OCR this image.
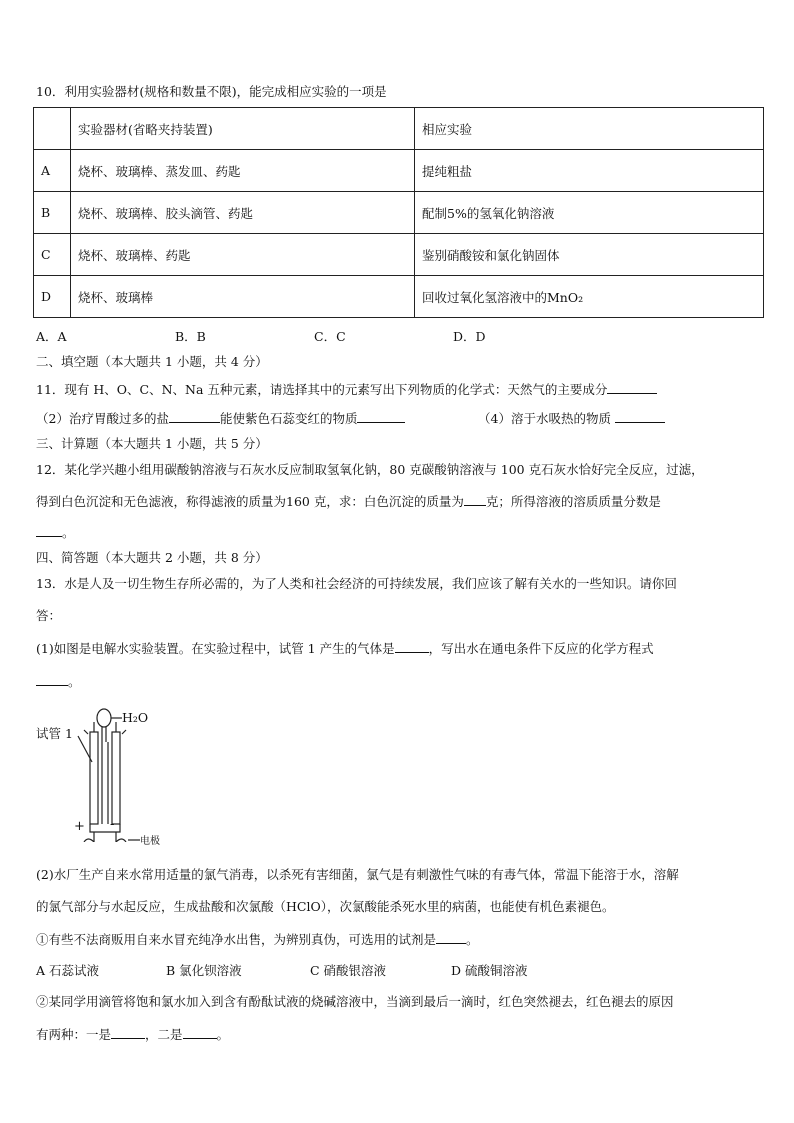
10．利用实验器材(规格和数量不限)，能完成相应实验的一项是
	实验器材(省略夹持装置)	相应实验
A	烧杯、玻璃棒、蒸发皿、药匙	提纯粗盐
B	烧杯、玻璃棒、胶头滴管、药匙	配制5%的氢氧化钠溶液
C	烧杯、玻璃棒、药匙	鉴别硝酸铵和氯化钠固体
D	烧杯、玻璃棒	回收过氧化氢溶液中的MnO₂
A．A	B．B	C．C	D．D
二、填空题（本大题共 1 小题，共 4 分）
11．现有 H、O、C、N、Na 五种元素，请选择其中的元素写出下列物质的化学式：天然气的主要成分
（2）治疗胃酸过多的盐	能使紫色石蕊变红的物质	（4）溶于水吸热的物质
三、计算题（本大题共 1 小题，共 5 分）
12．某化学兴趣小组用碳酸钠溶液与石灰水反应制取氢氧化钠，80 克碳酸钠溶液与 100 克石灰水恰好完全反应，过滤，
得到白色沉淀和无色滤液，称得滤液的质量为160 克，求：白色沉淀的质量为 克；所得溶液的溶质质量分数是
。
四、简答题（本大题共 2 小题，共 8 分）
13．水是人及一切生物生存所必需的，为了人类和社会经济的可持续发展，我们应该了解有关水的一些知识。请你回
答：
(1)如图是电解水实验装置。在实验过程中，试管 1 产生的气体是	，写出水在通电条件下反应的化学方程式
。
试管 1
H₂O
+ -
电极
(2)水厂生产自来水常用适量的氯气消毒，以杀死有害细菌，氯气是有刺激性气味的有毒气体，常温下能溶于水，溶解
的氯气部分与水起反应，生成盐酸和次氯酸（HClO），次氯酸能杀死水里的病菌，也能使有机色素褪色。
①有些不法商贩用自来水冒充纯净水出售，为辨别真伪，可选用的试剂是 。
A 石蕊试液	B 氯化钡溶液	C 硝酸银溶液	D 硫酸铜溶液
②某同学用滴管将饱和氯水加入到含有酚酞试液的烧碱溶液中，当滴到最后一滴时，红色突然褪去，红色褪去的原因
有两种：一是	，二是	。
